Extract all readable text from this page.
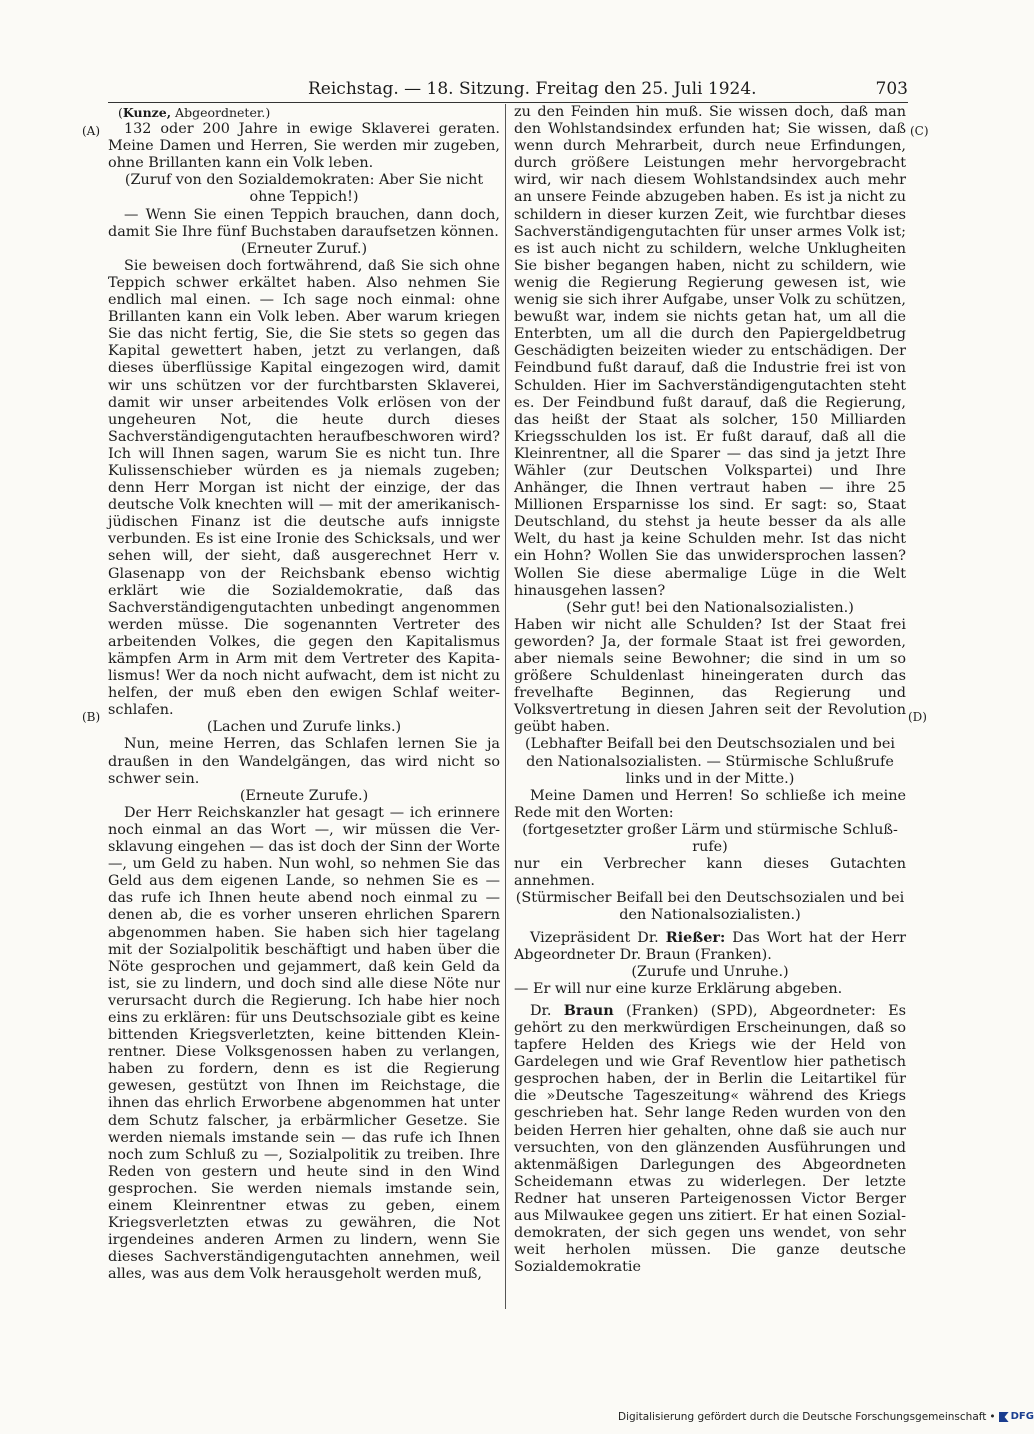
Reichstag. — 18. Sitzung. Freitag den 25. Juli 1924.	703
(A)
(B)
(C)
(D)

(Kunze, Abgeordneter.)

132 oder 200 Jahre in ewige Sklaverei geraten. Meine Damen und Herren, Sie werden mir zugeben, ohne Brillanten kann ein Volk leben.

(Zuruf von den Sozialdemokraten: Aber Sie nicht ohne Teppich!)

— Wenn Sie einen Teppich brauchen, dann doch, damit Sie Ihre fünf Buchstaben daraufsetzen können.

(Erneuter Zuruf.)

Sie beweisen doch fortwährend, daß Sie sich ohne Teppich schwer erkältet haben. Also nehmen Sie endlich mal einen. — Ich sage noch einmal: ohne Brillanten kann ein Volk leben. Aber warum kriegen Sie das nicht fertig, Sie, die Sie stets so gegen das Kapital gewettert haben, jetzt zu verlangen, daß dieses überflüssige Kapital eingezogen wird, damit wir uns schützen vor der furchtbarsten Sklaverei, damit wir unser arbeitendes Volk erlösen von der ungeheuren Not, die heute durch dieses Sachverständigengutachten heraufbeschworen wird? Ich will Ihnen sagen, warum Sie es nicht tun. Ihre Kulissenschieber würden es ja niemals zugeben; denn Herr Morgan ist nicht der einzige, der das deutsche Volk knechten will — mit der amerikanischjüdischen Finanz ist die deutsche aufs innigste verbunden. Es ist eine Ironie des Schicksals, und wer sehen will, der sieht, daß ausgerechnet Herr v. Glasenapp von der Reichsbank ebenso wichtig erklärt wie die Sozialdemokratie, daß das Sachverständigengutachten unbedingt angenommen werden müsse. Die sogenannten Vertreter des arbeitenden Volkes, die gegen den Kapitalismus kämpfen Arm in Arm mit dem Vertreter des Kapitalismus! Wer da noch nicht aufwacht, dem ist nicht zu helfen, der muß eben den ewigen Schlaf weiterschlafen.

(Lachen und Zurufe links.)

Nun, meine Herren, das Schlafen lernen Sie ja draußen in den Wandelgängen, das wird nicht so schwer sein.

(Erneute Zurufe.)

Der Herr Reichskanzler hat gesagt — ich erinnere noch einmal an das Wort —, wir müssen die Versklavung eingehen — das ist doch der Sinn der Worte —, um Geld zu haben. Nun wohl, so nehmen Sie das Geld aus dem eigenen Lande, so nehmen Sie es — das rufe ich Ihnen heute abend noch einmal zu — denen ab, die es vorher unseren ehrlichen Sparern abgenommen haben. Sie haben sich hier tagelang mit der Sozialpolitik beschäftigt und haben über die Nöte gesprochen und gejammert, daß kein Geld da ist, sie zu lindern, und doch sind alle diese Nöte nur verursacht durch die Regierung. Ich habe hier noch eins zu erklären: für uns Deutschsoziale gibt es keine bittenden Kriegsverletzten, keine bittenden Kleinrentner. Diese Volksgenossen haben zu verlangen, haben zu fordern, denn es ist die Regierung gewesen, gestützt von Ihnen im Reichstage, die ihnen das ehrlich Erworbene abgenommen hat unter dem Schutz falscher, ja erbärmlicher Gesetze. Sie werden niemals imstande sein — das rufe ich Ihnen noch zum Schluß zu —, Sozialpolitik zu treiben. Ihre Reden von gestern und heute sind in den Wind gesprochen. Sie werden niemals imstande sein, einem Kleinrentner etwas zu geben, einem Kriegsverletzten etwas zu gewähren, die Not irgendeines anderen Armen zu lindern, wenn Sie dieses Sachverständigengutachten annehmen, weil alles, was aus dem Volk herausgeholt werden muß,

zu den Feinden hin muß. Sie wissen doch, daß man den Wohlstandsindex erfunden hat; Sie wissen, daß wenn durch Mehrarbeit, durch neue Erfindungen, durch größere Leistungen mehr hervorgebracht wird, wir nach diesem Wohlstandsindex auch mehr an unsere Feinde abzugeben haben. Es ist ja nicht zu schildern in dieser kurzen Zeit, wie furchtbar dieses Sachverständigengutachten für unser armes Volk ist; es ist auch nicht zu schildern, welche Unklugheiten Sie bisher begangen haben, nicht zu schildern, wie wenig die Regierung Regierung gewesen ist, wie wenig sie sich ihrer Aufgabe, unser Volk zu schützen, bewußt war, indem sie nichts getan hat, um all die Enterbten, um all die durch den Papiergeldbetrug Geschädigten beizeiten wieder zu entschädigen. Der Feindbund fußt darauf, daß die Industrie frei ist von Schulden. Hier im Sachverständigengutachten steht es. Der Feindbund fußt darauf, daß die Regierung, das heißt der Staat als solcher, 150 Milliarden Kriegsschulden los ist. Er fußt darauf, daß all die Kleinrentner, all die Sparer — das sind ja jetzt Ihre Wähler (zur Deutschen Volkspartei) und Ihre Anhänger, die Ihnen vertraut haben — ihre 25 Millionen Ersparnisse los sind. Er sagt: so, Staat Deutschland, du stehst ja heute besser da als alle Welt, du hast ja keine Schulden mehr. Ist das nicht ein Hohn? Wollen Sie das unwidersprochen lassen? Wollen Sie diese abermalige Lüge in die Welt hinausgehen lassen?

(Sehr gut! bei den Nationalsozialisten.)

Haben wir nicht alle Schulden? Ist der Staat frei geworden? Ja, der formale Staat ist frei geworden, aber niemals seine Bewohner; die sind in um so größere Schuldenlast hineingeraten durch das frevelhafte Beginnen, das Regierung und Volksvertretung in diesen Jahren seit der Revolution geübt haben.

(Lebhafter Beifall bei den Deutschsozialen und bei den Nationalsozialisten. — Stürmische Schlußrufe links und in der Mitte.)

Meine Damen und Herren! So schließe ich meine Rede mit den Worten:

(fortgesetzter großer Lärm und stürmische Schlußrufe)

nur ein Verbrecher kann dieses Gutachten annehmen.

(Stürmischer Beifall bei den Deutschsozialen und bei den Nationalsozialisten.)

Vizepräsident Dr. Rießer: Das Wort hat der Herr Abgeordneter Dr. Braun (Franken).

(Zurufe und Unruhe.)

— Er will nur eine kurze Erklärung abgeben.

Dr. Braun (Franken) (SPD), Abgeordneter: Es gehört zu den merkwürdigen Erscheinungen, daß so tapfere Helden des Kriegs wie der Held von Gardelegen und wie Graf Reventlow hier pathetisch gesprochen haben, der in Berlin die Leitartikel für die »Deutsche Tageszeitung« während des Kriegs geschrieben hat. Sehr lange Reden wurden von den beiden Herren hier gehalten, ohne daß sie auch nur versuchten, von den glänzenden Ausführungen und aktenmäßigen Darlegungen des Abgeordneten Scheidemann etwas zu widerlegen. Der letzte Redner hat unseren Parteigenossen Victor Berger aus Milwaukee gegen uns zitiert. Er hat einen Sozialdemokraten, der sich gegen uns wendet, von sehr weit herholen müssen. Die ganze deutsche Sozialdemokratie

Digitalisierung gefördert durch die Deutsche Forschungsgemeinschaft • DFG
